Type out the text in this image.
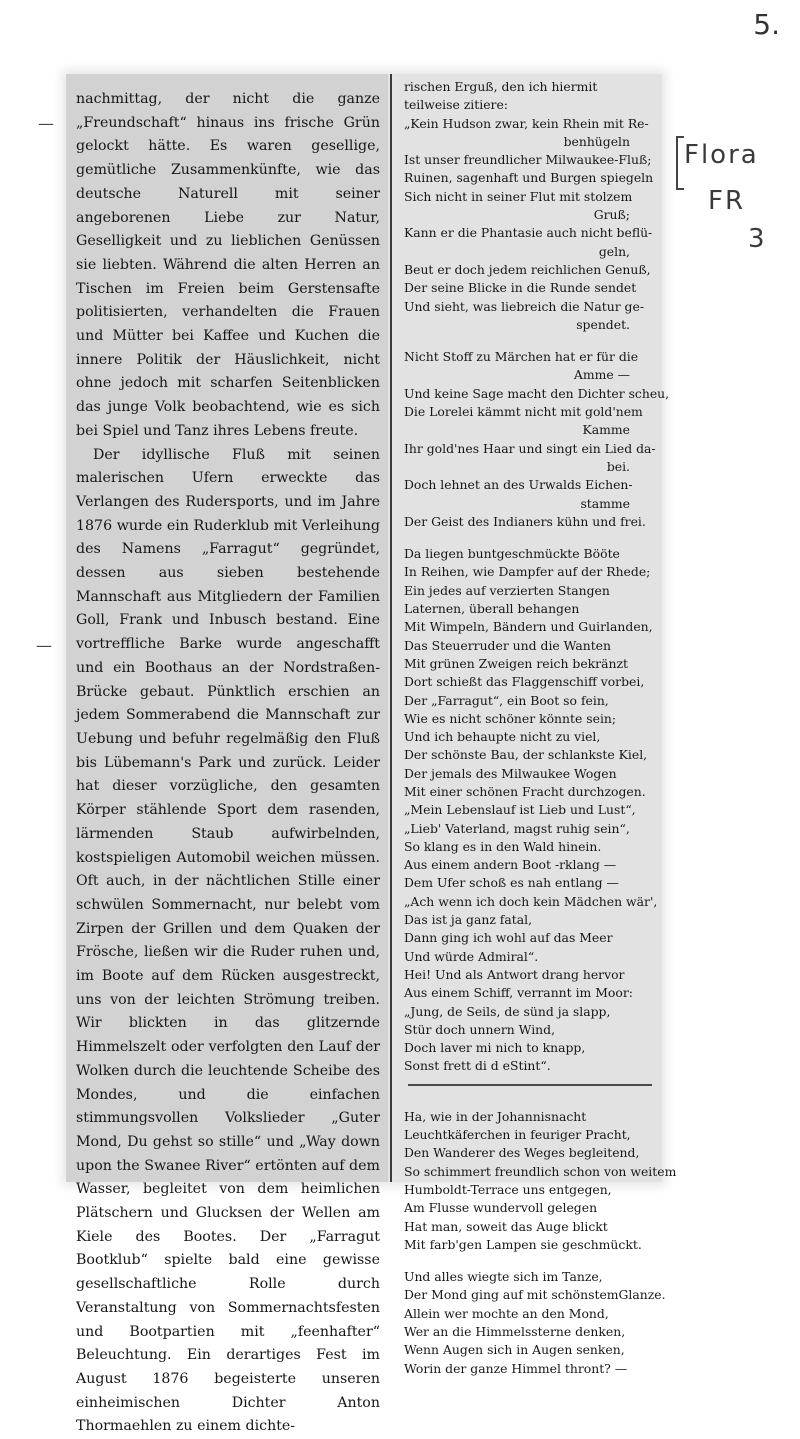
5.
Flora
FR
3
—
—

nachmittag, der nicht die ganze „Freundschaft“ hinaus ins frische Grün gelockt hätte. Es waren gesellige, gemütliche Zusammenkünfte, wie das deutsche Naturell mit seiner angeborenen Liebe zur Natur, Geselligkeit und zu lieblichen Genüssen sie liebten. Während die alten Herren an Tischen im Freien beim Gerstensafte politisierten, verhandelten die Frauen und Mütter bei Kaffee und Kuchen die innere Politik der Häuslichkeit, nicht ohne jedoch mit scharfen Seitenblicken das junge Volk beobachtend, wie es sich bei Spiel und Tanz ihres Lebens freute.

Der idyllische Fluß mit seinen malerischen Ufern erweckte das Verlangen des Rudersports, und im Jahre 1876 wurde ein Ruderklub mit Verleihung des Namens „Farragut“ gegründet, dessen aus sieben bestehende Mannschaft aus Mitgliedern der Familien Goll, Frank und Inbusch bestand. Eine vortreffliche Barke wurde angeschafft und ein Boothaus an der Nordstraßen-Brücke gebaut. Pünktlich erschien an jedem Sommerabend die Mannschaft zur Uebung und befuhr regelmäßig den Fluß bis Lübemann's Park und zurück. Leider hat dieser vorzügliche, den gesamten Körper stählende Sport dem rasenden, lärmenden Staub aufwirbelnden, kostspieligen Automobil weichen müssen. Oft auch, in der nächtlichen Stille einer schwülen Sommernacht, nur belebt vom Zirpen der Grillen und dem Quaken der Frösche, ließen wir die Ruder ruhen und, im Boote auf dem Rücken ausgestreckt, uns von der leichten Strömung treiben. Wir blickten in das glitzernde Himmelszelt oder verfolgten den Lauf der Wolken durch die leuchtende Scheibe des Mondes, und die einfachen stimmungsvollen Volkslieder „Guter Mond, Du gehst so stille“ und „Way down upon the Swanee River“ ertönten auf dem Wasser, begleitet von dem heimlichen Plätschern und Glucksen der Wellen am Kiele des Bootes. Der „Farragut Bootklub“ spielte bald eine gewisse gesellschaftliche Rolle durch Veranstaltung von Sommernachtsfesten und Bootpartien mit „feenhafter“ Beleuchtung. Ein derartiges Fest im August 1876 begeisterte unseren einheimischen Dichter Anton Thormaehlen zu einem dichte-

rischen Erguß, den ich hiermit teilweise zitiere:

„Kein Hudson zwar, kein Rhein mit Re-
benhügeln
Ist unser freundlicher Milwaukee-Fluß;
Ruinen, sagenhaft und Burgen spiegeln
Sich nicht in seiner Flut mit stolzem
Gruß;
Kann er die Phantasie auch nicht beflü-
geln,
Beut er doch jedem reichlichen Genuß,
Der seine Blicke in die Runde sendet
Und sieht, was liebreich die Natur ge-
spendet.
Nicht Stoff zu Märchen hat er für die
Amme —
Und keine Sage macht den Dichter scheu,
Die Lorelei kämmt nicht mit gold'nem
Kamme
Ihr gold'nes Haar und singt ein Lied da-
bei.
Doch lehnet an des Urwalds Eichen-
stamme
Der Geist des Indianers kühn und frei.
Da liegen buntgeschmückte Bööte
In Reihen, wie Dampfer auf der Rhede;
Ein jedes auf verzierten Stangen
Laternen, überall behangen
Mit Wimpeln, Bändern und Guirlanden,
Das Steuerruder und die Wanten
Mit grünen Zweigen reich bekränzt
Dort schießt das Flaggenschiff vorbei,
Der „Farragut“, ein Boot so fein,
Wie es nicht schöner könnte sein;
Und ich behaupte nicht zu viel,
Der schönste Bau, der schlankste Kiel,
Der jemals des Milwaukee Wogen
Mit einer schönen Fracht durchzogen.
„Mein Lebenslauf ist Lieb und Lust“,
„Lieb' Vaterland, magst ruhig sein“,
So klang es in den Wald hinein.
Aus einem andern Boot -rklang —
Dem Ufer schoß es nah entlang —
„Ach wenn ich doch kein Mädchen wär',
Das ist ja ganz fatal,
Dann ging ich wohl auf das Meer
Und würde Admiral“.
Hei! Und als Antwort drang hervor
Aus einem Schiff, verrannt im Moor:
„Jung, de Seils, de sünd ja slapp,
Stür doch unnern Wind,
Doch laver mi nich to knapp,
Sonst frett di d eStint“.
Ha, wie in der Johannisnacht
Leuchtkäferchen in feuriger Pracht,
Den Wanderer des Weges begleitend,
So schimmert freundlich schon von weitem
Humboldt-Terrace uns entgegen,
Am Flusse wundervoll gelegen
Hat man, soweit das Auge blickt
Mit farb'gen Lampen sie geschmückt.
Und alles wiegte sich im Tanze,
Der Mond ging auf mit schönstemGlanze.
Allein wer mochte an den Mond,
Wer an die Himmelssterne denken,
Wenn Augen sich in Augen senken,
Worin der ganze Himmel thront? —
